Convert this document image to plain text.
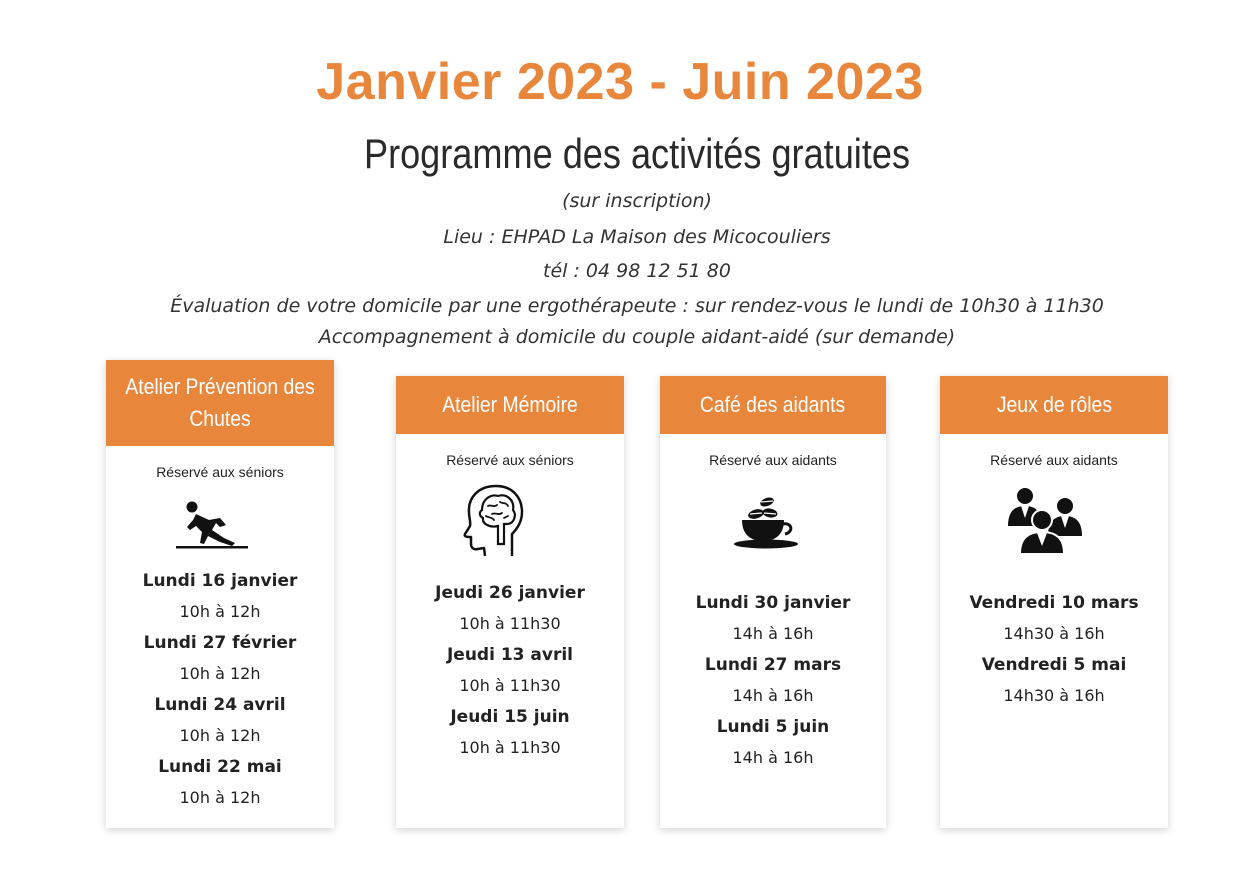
Janvier 2023 - Juin 2023
Programme des activités gratuites
(sur inscription)
Lieu : EHPAD La Maison des Micocouliers
tél : 04 98 12 51 80
Évaluation de votre domicile par une ergothérapeute : sur rendez-vous le lundi de 10h30 à 11h30
Accompagnement à domicile du couple aidant-aidé (sur demande)
Atelier Prévention des Chutes
Réservé aux séniors
Lundi 16 janvier
10h à 12h
Lundi 27 février
10h à 12h
Lundi 24 avril
10h à 12h
Lundi 22 mai
10h à 12h
Atelier Mémoire
Réservé aux séniors
Jeudi 26 janvier
10h à 11h30
Jeudi 13 avril
10h à 11h30
Jeudi 15 juin
10h à 11h30
Café des aidants
Réservé aux aidants
Lundi 30 janvier
14h à 16h
Lundi 27 mars
14h à 16h
Lundi 5 juin
14h à 16h
Jeux de rôles
Réservé aux aidants
Vendredi 10 mars
14h30 à 16h
Vendredi 5 mai
14h30 à 16h
